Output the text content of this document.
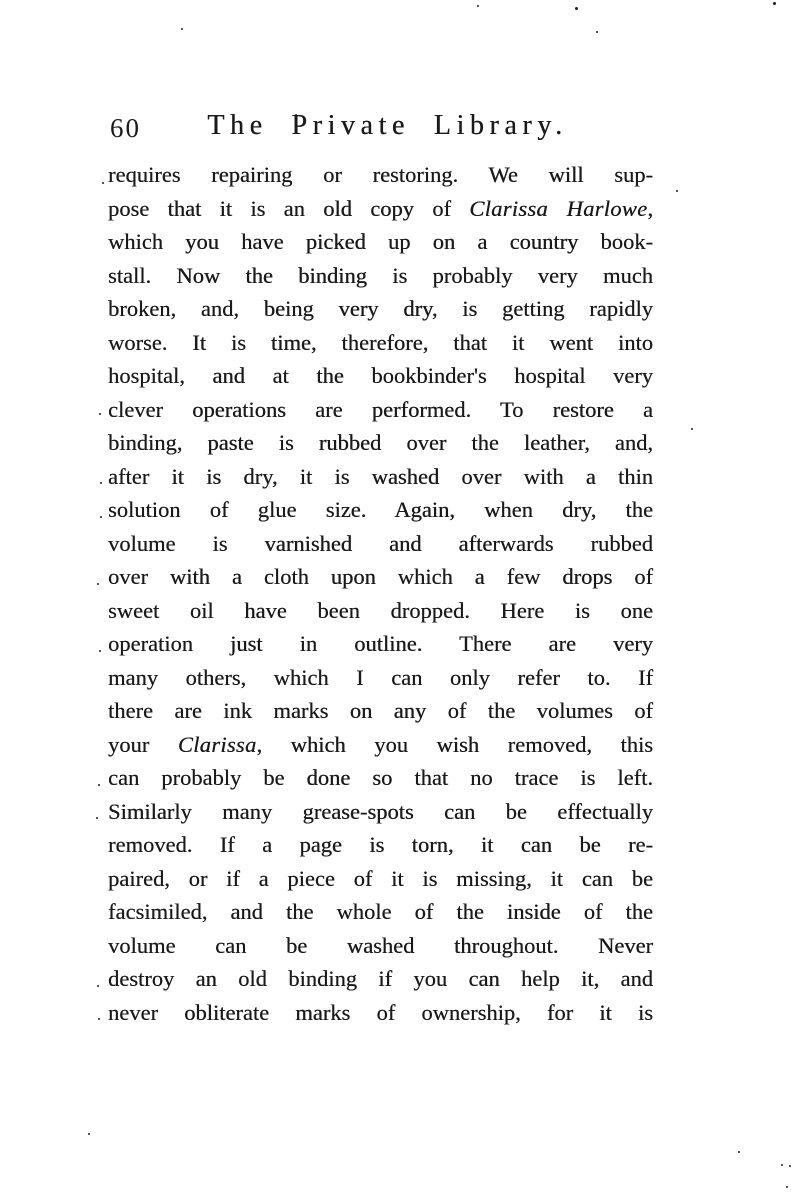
60	The Private Library.
requires repairing or restoring. We will sup-
pose that it is an old copy of Clarissa Harlowe,
which you have picked up on a country book-
stall. Now the binding is probably very much
broken, and, being very dry, is getting rapidly
worse. It is time, therefore, that it went into
hospital, and at the bookbinder's hospital very
clever operations are performed. To restore a
binding, paste is rubbed over the leather, and,
after it is dry, it is washed over with a thin
solution of glue size. Again, when dry, the
volume is varnished and afterwards rubbed
over with a cloth upon which a few drops of
sweet oil have been dropped. Here is one
operation just in outline. There are very
many others, which I can only refer to. If
there are ink marks on any of the volumes of
your Clarissa, which you wish removed, this
can probably be done so that no trace is left.
Similarly many grease-spots can be effectually
removed. If a page is torn, it can be re-
paired, or if a piece of it is missing, it can be
facsimiled, and the whole of the inside of the
volume can be washed throughout. Never
destroy an old binding if you can help it, and
never obliterate marks of ownership, for it is
